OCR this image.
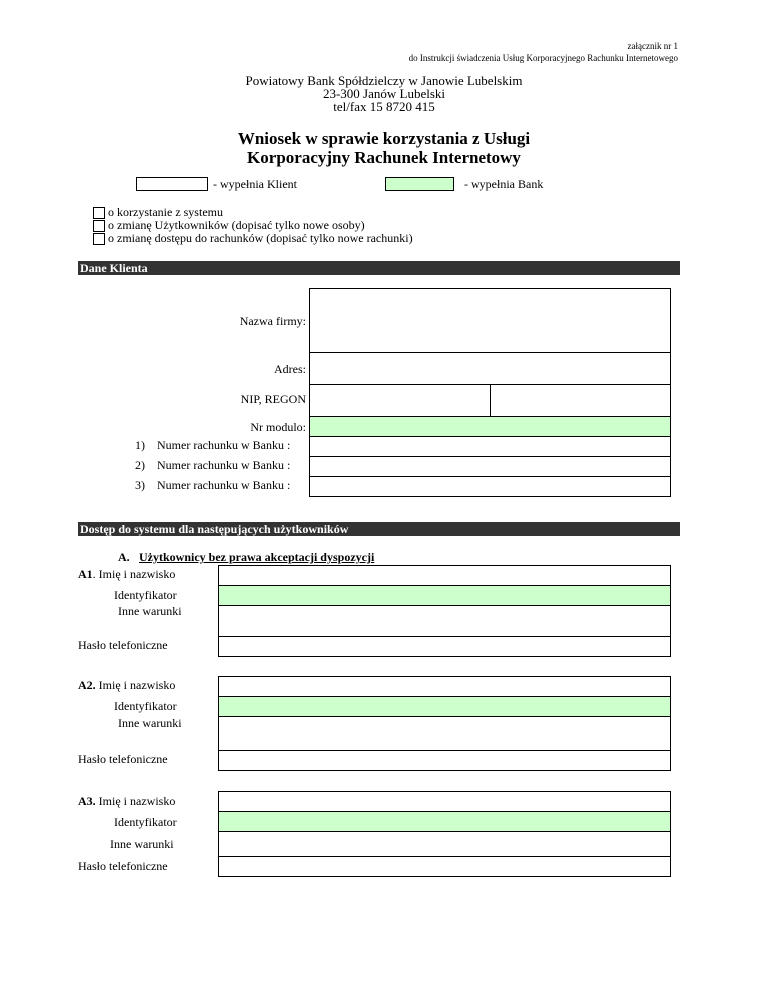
załącznik nr 1
do Instrukcji świadczenia Usług Korporacyjnego Rachunku Internetowego
Powiatowy Bank Spółdzielczy w Janowie Lubelskim
23-300 Janów Lubelski
tel/fax 15 8720 415
Wniosek w sprawie korzystania z Usługi
Korporacyjny Rachunek Internetowy
- wypełnia Klient	- wypełnia Bank
o korzystanie z systemu
o zmianę Użytkowników (dopisać tylko nowe osoby)
o zmianę dostępu do rachunków (dopisać tylko nowe rachunki)
Dane Klienta
Nazwa firmy:
Adres:
NIP, REGON
Nr modulo:
1) Numer rachunku w Banku :
2) Numer rachunku w Banku :
3) Numer rachunku w Banku :
Dostęp do systemu dla następujących użytkowników
A. Użytkownicy bez prawa akceptacji dyspozycji
A1. Imię i nazwisko
Identyfikator
Inne warunki
Hasło telefoniczne
A2. Imię i nazwisko
Identyfikator
Inne warunki
Hasło telefoniczne
A3. Imię i nazwisko
Identyfikator
Inne warunki
Hasło telefoniczne
